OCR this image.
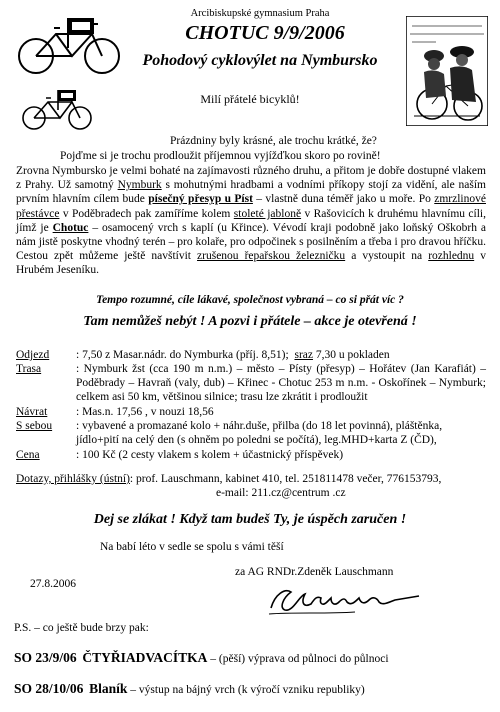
Arcibiskupské gymnasium Praha
CHOTUC 9/9/2006
Pohodový cyklovýlet na Nymbursko
Milí přátelé bicyklů!
Prázdniny byly krásné, ale trochu krátké, že?
Pojďme si je trochu prodloužit příjemnou vyjížďkou skoro po rovině!
Zrovna Nymbursko je velmi bohaté na zajímavosti různého druhu, a přitom je dobře dostupné vlakem z Prahy. Už samotný Nymburk s mohutnými hradbami a vodními příkopy stojí za vidění, ale naším prvním hlavním cílem bude písečný přesyp u Píst – vlastně duna téměř jako u moře. Po zmrzlinové přestávce v Poděbradech pak zamíříme kolem stoleté jabloně v Rašovicích k druhému hlavnímu cíli, jímž je Chotuc – osamocený vrch s kaplí (u Křince). Vévodí kraji podobně jako loňský Oškobrh a nám jistě poskytne vhodný terén – pro kolaře, pro odpočinek s posilněním a třeba i pro dravou hříčku. Cestou zpět můžeme ještě navštívit zrušenou řepařskou železničku a vystoupit na rozhlednu v Hrubém Jeseníku.
Tempo rozumné, cíle lákavé, společnost vybraná – co si přát víc ?
Tam nemůžeš nebýt ! A pozvi i přátele – akce je otevřená !
Odjezd : 7,50 z Masar.nádr. do Nymburka (příj. 8,51); sraz 7,30 u pokladen
Trasa	: Nymburk žst (cca 190 m n.m.) – město – Písty (přesyp) – Hořátev (Jan Karafiát) – Poděbrady – Havraň (valy, dub) – Křinec - Chotuc 253 m n.m. - Oskořínek – Nymburk; celkem asi 50 km, většinou silnice; trasu lze zkrátit i prodloužit
Návrat : Mas.n. 17,56 , v nouzi 18,56
S sebou : vybavené a promazané kolo + náhr.duše, přilba (do 18 let povinná), pláštěnka, jídlo+pití na celý den (s ohněm po poledni se počítá), leg.MHD+karta Z (ČD),
Cena	: 100 Kč (2 cesty vlakem s kolem + účastnický příspěvek)
Dotazy, přihlášky (ústní): prof. Lauschmann, kabinet 410, tel. 251811478 večer, 776153793,
e-mail: 211.cz@centrum .cz
Dej se zlákat ! Když tam budeš Ty, je úspěch zaručen !
Na babí léto v sedle se spolu s vámi těší
za AG RNDr.Zdeněk Lauschmann
27.8.2006
P.S. – co ještě bude brzy pak:
SO 23/9/06 ČTYŘIADVACÍTKA – (pěší) výprava od půlnoci do půlnoci
SO 28/10/06 Blaník – výstup na bájný vrch (k výročí vzniku republiky)
